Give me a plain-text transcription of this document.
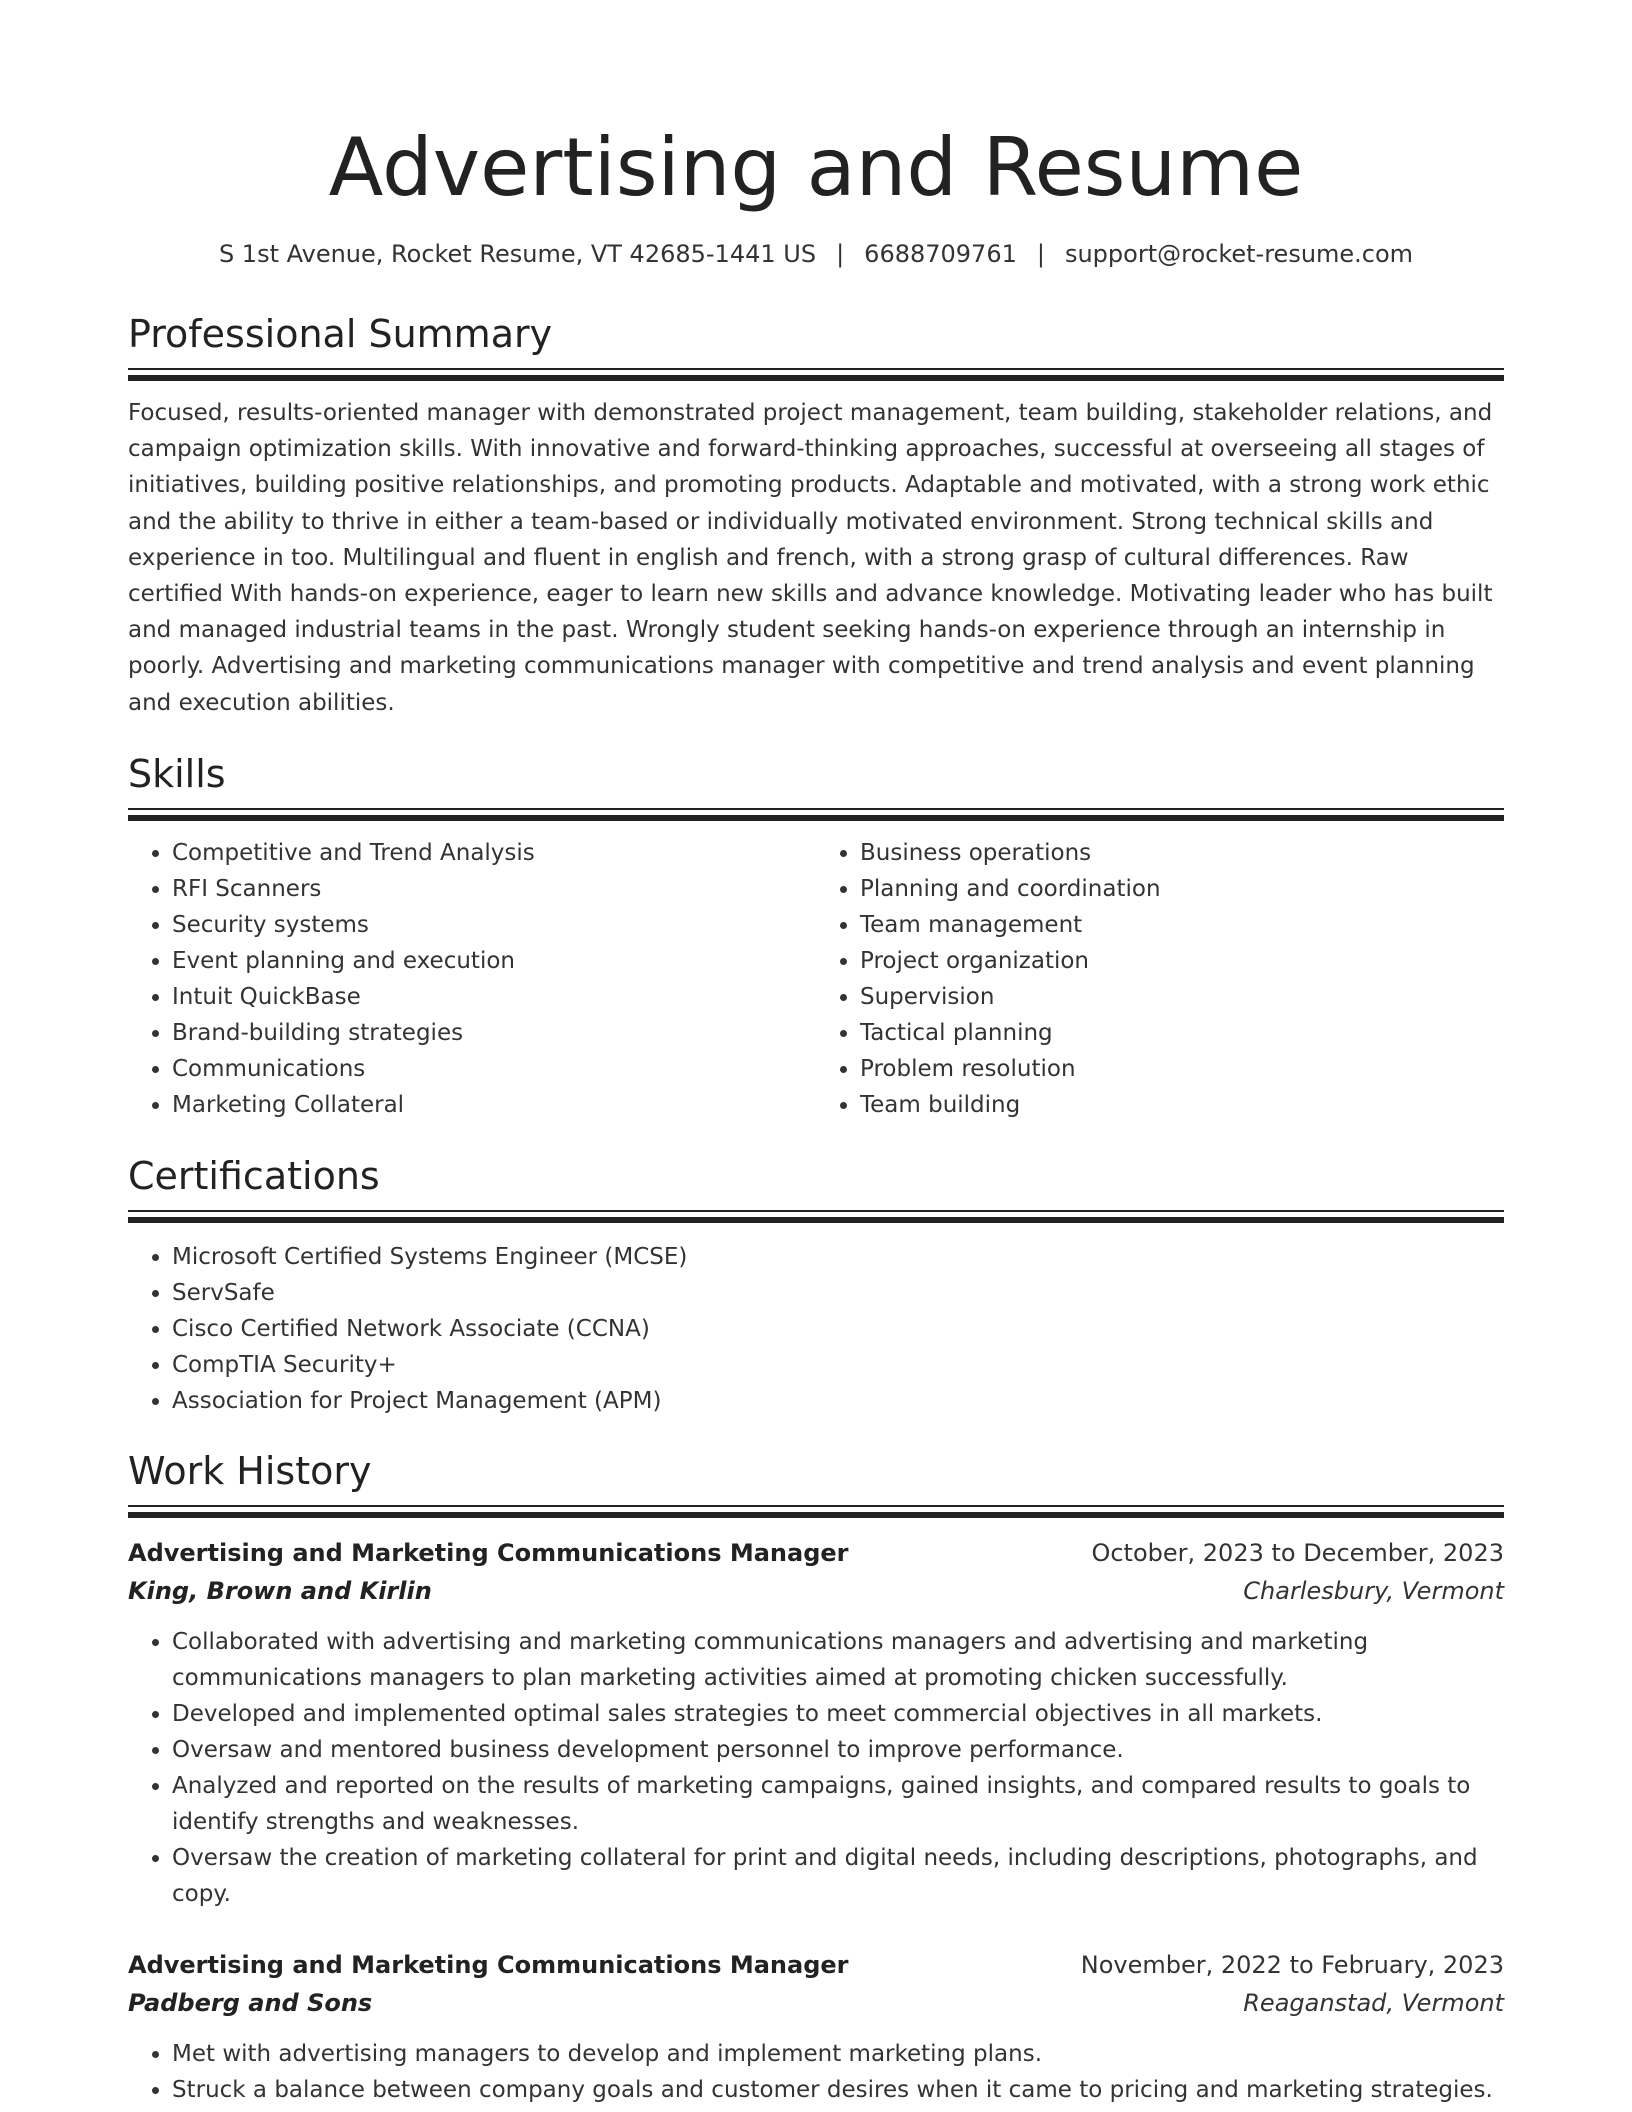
Advertising and Resume
S 1st Avenue, Rocket Resume, VT 42685-1441 US | 6688709761 | support@rocket-resume.com
Professional Summary

Focused, results-oriented manager with demonstrated project management, team building, stakeholder relations, and campaign optimization skills. With innovative and forward-thinking approaches, successful at overseeing all stages of initiatives, building positive relationships, and promoting products. Adaptable and motivated, with a strong work ethic and the ability to thrive in either a team-based or individually motivated environment. Strong technical skills and experience in too. Multilingual and fluent in english and french, with a strong grasp of cultural differences. Raw certified With hands-on experience, eager to learn new skills and advance knowledge. Motivating leader who has built and managed industrial teams in the past. Wrongly student seeking hands-on experience through an internship in poorly. Advertising and marketing communications manager with competitive and trend analysis and event planning and execution abilities.

Skills
• Competitive and Trend Analysis
• RFI Scanners
• Security systems
• Event planning and execution
• Intuit QuickBase
• Brand-building strategies
• Communications
• Marketing Collateral
• Business operations
• Planning and coordination
• Team management
• Project organization
• Supervision
• Tactical planning
• Problem resolution
• Team building
Certifications
• Microsoft Certified Systems Engineer (MCSE)
• ServSafe
• Cisco Certified Network Associate (CCNA)
• CompTIA Security+
• Association for Project Management (APM)
Work History
Advertising and Marketing Communications Manager	October, 2023 to December, 2023
King, Brown and Kirlin	Charlesbury, Vermont
• Collaborated with advertising and marketing communications managers and advertising and marketing communications managers to plan marketing activities aimed at promoting chicken successfully.
• Developed and implemented optimal sales strategies to meet commercial objectives in all markets.
• Oversaw and mentored business development personnel to improve performance.
• Analyzed and reported on the results of marketing campaigns, gained insights, and compared results to goals to identify strengths and weaknesses.
• Oversaw the creation of marketing collateral for print and digital needs, including descriptions, photographs, and copy.
Advertising and Marketing Communications Manager	November, 2022 to February, 2023
Padberg and Sons	Reaganstad, Vermont
• Met with advertising managers to develop and implement marketing plans.
• Struck a balance between company goals and customer desires when it came to pricing and marketing strategies.
